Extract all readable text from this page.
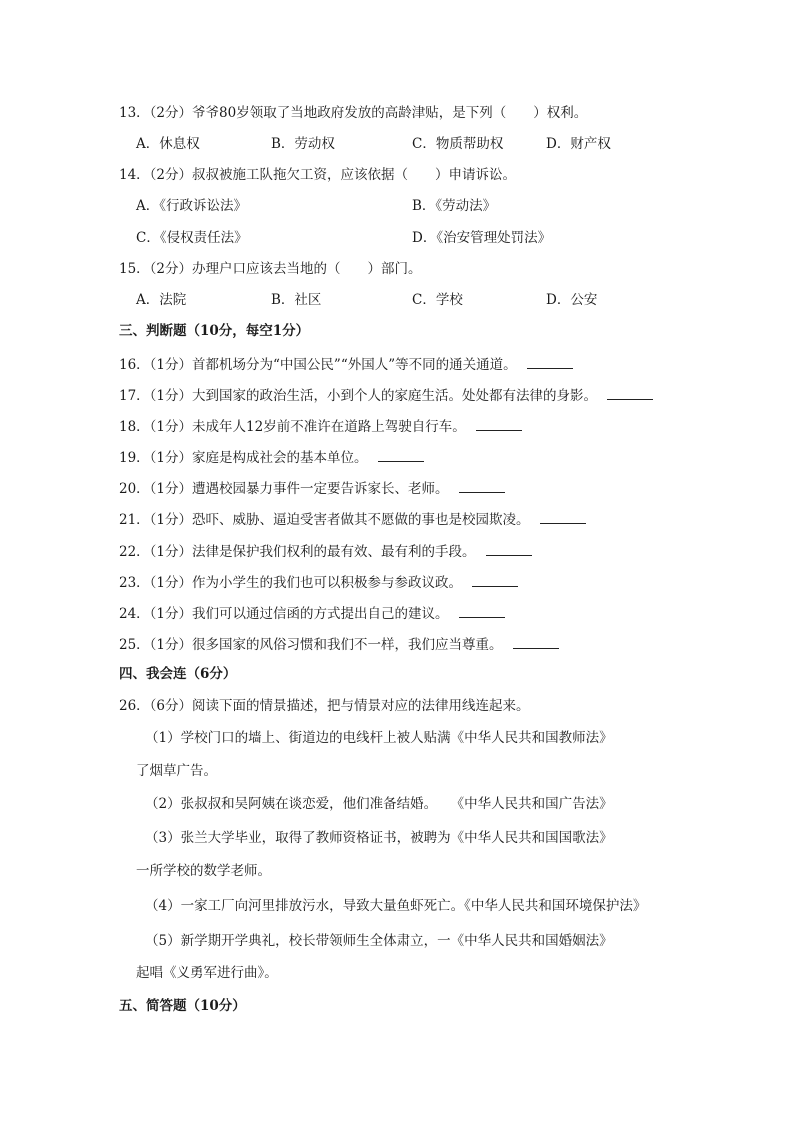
13．（2分）爷爷80岁领取了当地政府发放的高龄津贴，是下列（　　）权利。
A．休息权	B．劳动权	C．物质帮助权	D．财产权
14．（2分）叔叔被施工队拖欠工资，应该依据（　　）申请诉讼。
A．《行政诉讼法》	B．《劳动法》
C．《侵权责任法》	D．《治安管理处罚法》
15．（2分）办理户口应该去当地的（　　）部门。
A．法院	B．社区	C．学校	D．公安
三、判断题（10分，每空1分）
16．（1分）首都机场分为“中国公民”“外国人”等不同的通关通道。
17．（1分）大到国家的政治生活，小到个人的家庭生活。处处都有法律的身影。
18．（1分）未成年人12岁前不准许在道路上驾驶自行车。
19．（1分）家庭是构成社会的基本单位。
20．（1分）遭遇校园暴力事件一定要告诉家长、老师。
21．（1分）恐吓、威胁、逼迫受害者做其不愿做的事也是校园欺凌。
22．（1分）法律是保护我们权利的最有效、最有利的手段。
23．（1分）作为小学生的我们也可以积极参与参政议政。
24．（1分）我们可以通过信函的方式提出自己的建议。
25．（1分）很多国家的风俗习惯和我们不一样，我们应当尊重。
四、我会连（6分）
26．（6分）阅读下面的情景描述，把与情景对应的法律用线连起来。
（1）学校门口的墙上、街道边的电线杆上被人贴满《中华人民共和国教师法》
了烟草广告。
（2）张叔叔和吴阿姨在谈恋爱，他们准备结婚。　　《中华人民共和国广告法》
（3）张兰大学毕业，取得了教师资格证书，被聘为《中华人民共和国国歌法》
一所学校的数学老师。
（4）一家工厂向河里排放污水，导致大量鱼虾死亡。《中华人民共和国环境保护法》
（5）新学期开学典礼，校长带领师生全体肃立，一《中华人民共和国婚姻法》
起唱《义勇军进行曲》。
五、简答题（10分）
